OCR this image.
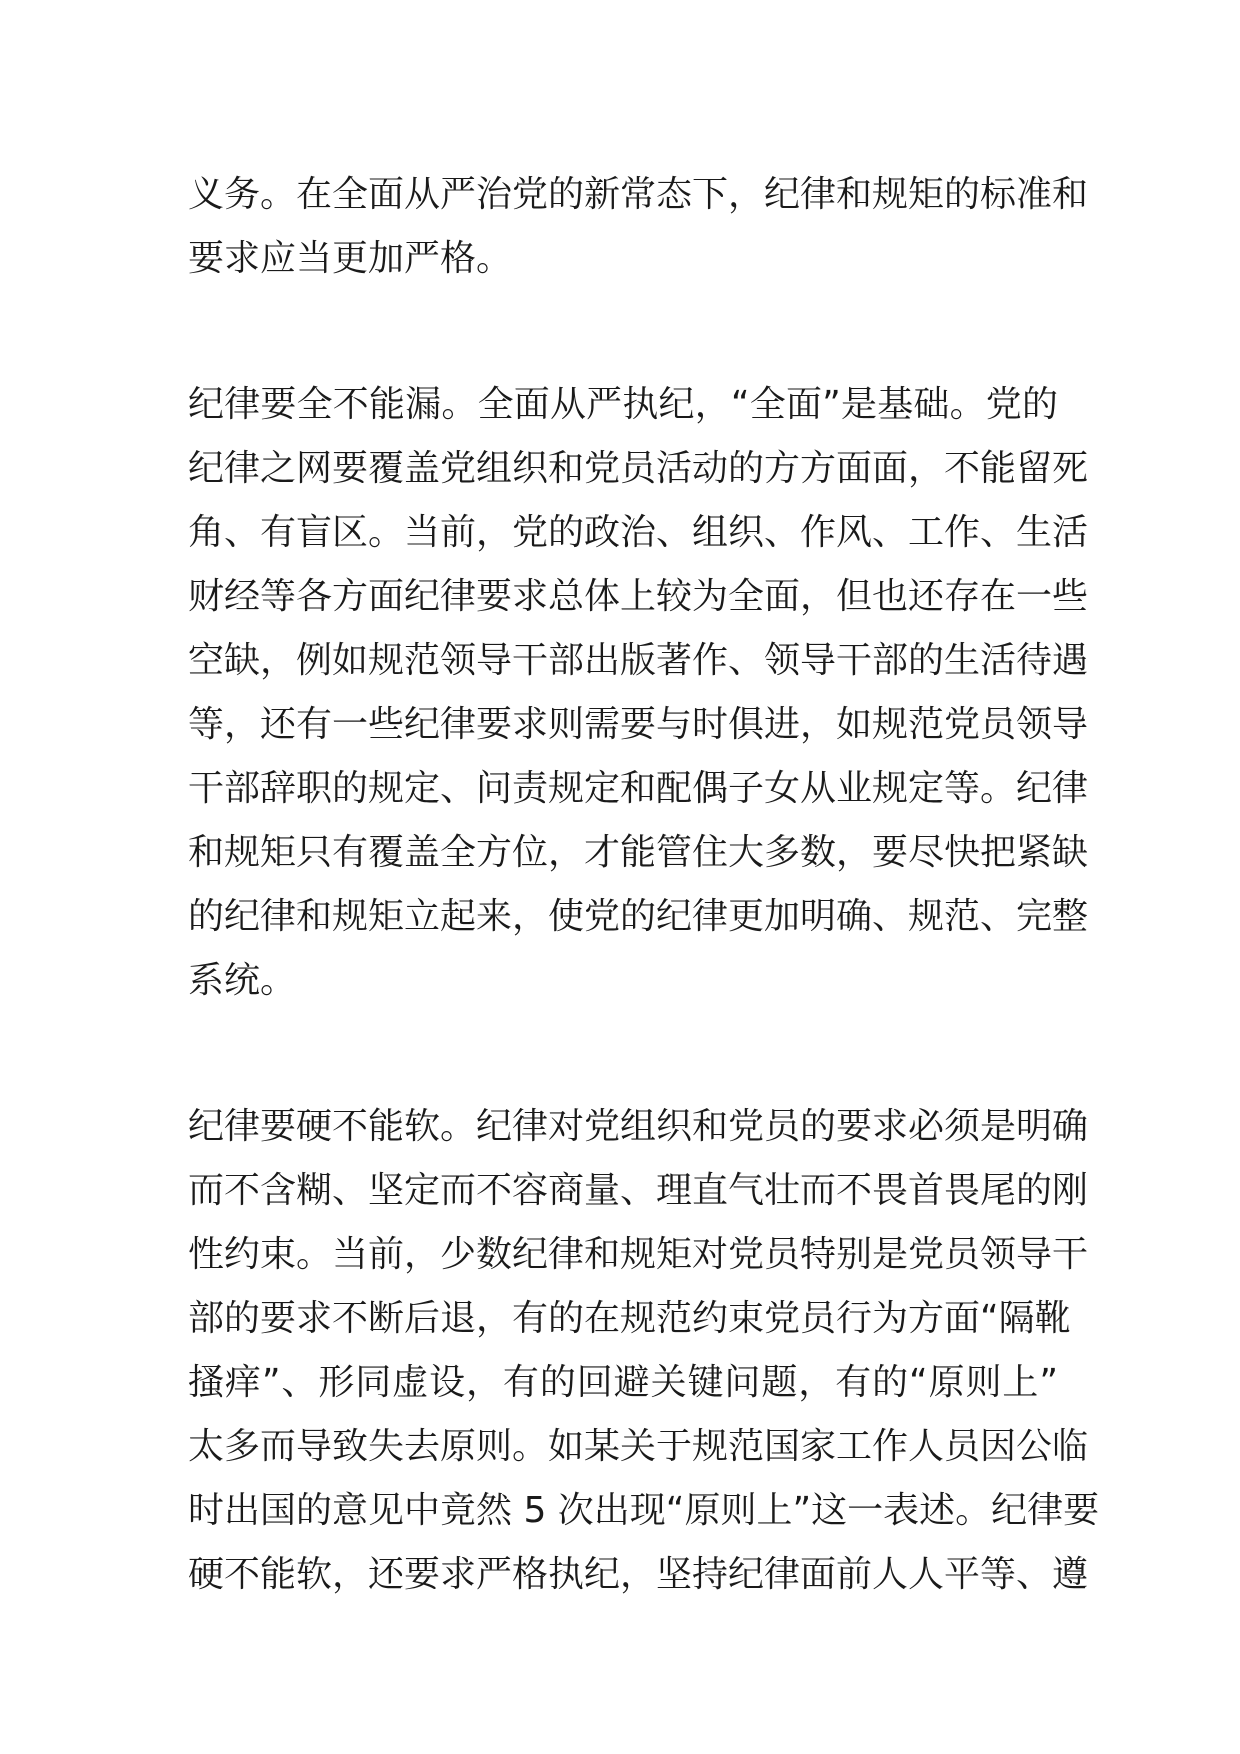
义务。在全面从严治党的新常态下，纪律和规矩的标准和
要求应当更加严格。
纪律要全不能漏。全面从严执纪，“全面”是基础。党的
纪律之网要覆盖党组织和党员活动的方方面面，不能留死
角、有盲区。当前，党的政治、组织、作风、工作、生活
财经等各方面纪律要求总体上较为全面，但也还存在一些
空缺，例如规范领导干部出版著作、领导干部的生活待遇
等，还有一些纪律要求则需要与时俱进，如规范党员领导
干部辞职的规定、问责规定和配偶子女从业规定等。纪律
和规矩只有覆盖全方位，才能管住大多数，要尽快把紧缺
的纪律和规矩立起来，使党的纪律更加明确、规范、完整
系统。
纪律要硬不能软。纪律对党组织和党员的要求必须是明确
而不含糊、坚定而不容商量、理直气壮而不畏首畏尾的刚
性约束。当前，少数纪律和规矩对党员特别是党员领导干
部的要求不断后退，有的在规范约束党员行为方面“隔靴
搔痒”、形同虚设，有的回避关键问题，有的“原则上”
太多而导致失去原则。如某关于规范国家工作人员因公临
时出国的意见中竟然 5 次出现“原则上”这一表述。纪律要
硬不能软，还要求严格执纪，坚持纪律面前人人平等、遵
